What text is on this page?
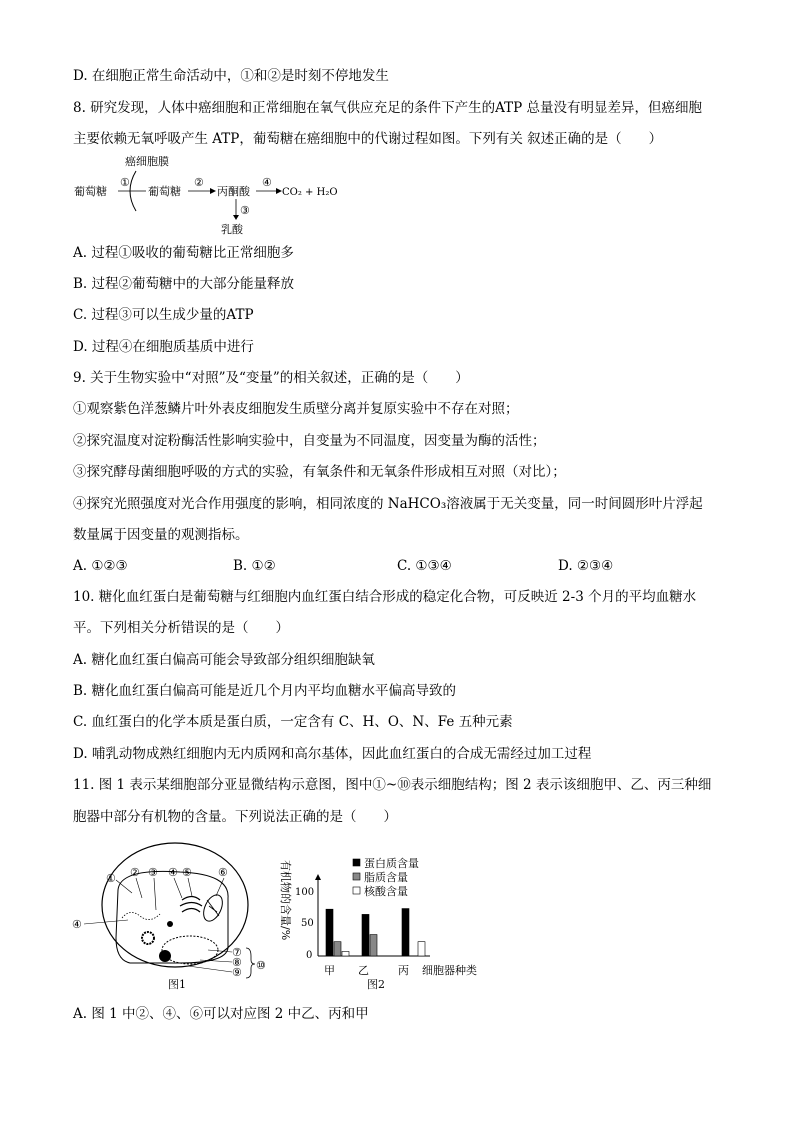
D. 在细胞正常生命活动中，①和②是时刻不停地发生
8. 研究发现，人体中癌细胞和正常细胞在氧气供应充足的条件下产生的ATP 总量没有明显差异，但癌细胞
主要依赖无氧呼吸产生 ATP，葡萄糖在癌细胞中的代谢过程如图。下列有关 叙述正确的是（　　）
癌细胞膜
葡萄糖
①
葡萄糖
②
丙酮酸
④
CO₂ + H₂O
③
乳酸
A. 过程①吸收的葡萄糖比正常细胞多
B. 过程②葡萄糖中的大部分能量释放
C. 过程③可以生成少量的ATP
D. 过程④在细胞质基质中进行
9. 关于生物实验中“对照”及“变量”的相关叙述，正确的是（　　）
①观察紫色洋葱鳞片叶外表皮细胞发生质壁分离并复原实验中不存在对照；
②探究温度对淀粉酶活性影响实验中，自变量为不同温度，因变量为酶的活性；
③探究酵母菌细胞呼吸的方式的实验，有氧条件和无氧条件形成相互对照（对比）；
④探究光照强度对光合作用强度的影响，相同浓度的 NaHCO₃溶液属于无关变量，同一时间圆形叶片浮起
数量属于因变量的观测指标。
A. ①②③	B. ①②	C. ①③④	D. ②③④
10. 糖化血红蛋白是葡萄糖与红细胞内血红蛋白结合形成的稳定化合物，可反映近 2-3 个月的平均血糖水
平。下列相关分析错误的是（　　）
A. 糖化血红蛋白偏高可能会导致部分组织细胞缺氧
B. 糖化血红蛋白偏高可能是近几个月内平均血糖水平偏高导致的
C. 血红蛋白的化学本质是蛋白质，一定含有 C、H、O、N、Fe 五种元素
D. 哺乳动物成熟红细胞内无内质网和高尔基体，因此血红蛋白的合成无需经过加工过程
11. 图 1 表示某细胞部分亚显微结构示意图，图中①~⑩表示细胞结构；图 2 表示该细胞甲、乙、丙三种细
胞器中部分有机物的含量。下列说法正确的是（　　）
① ② ③ ④ ⑤ ⑥
④
⑦
⑧
⑨
⑩
图1
有机物的含量/% 100
50
0
甲 乙	丙 细胞器种类
蛋白质含量
脂质含量
核酸含量
图2
A. 图 1 中②、④、⑥可以对应图 2 中乙、丙和甲
